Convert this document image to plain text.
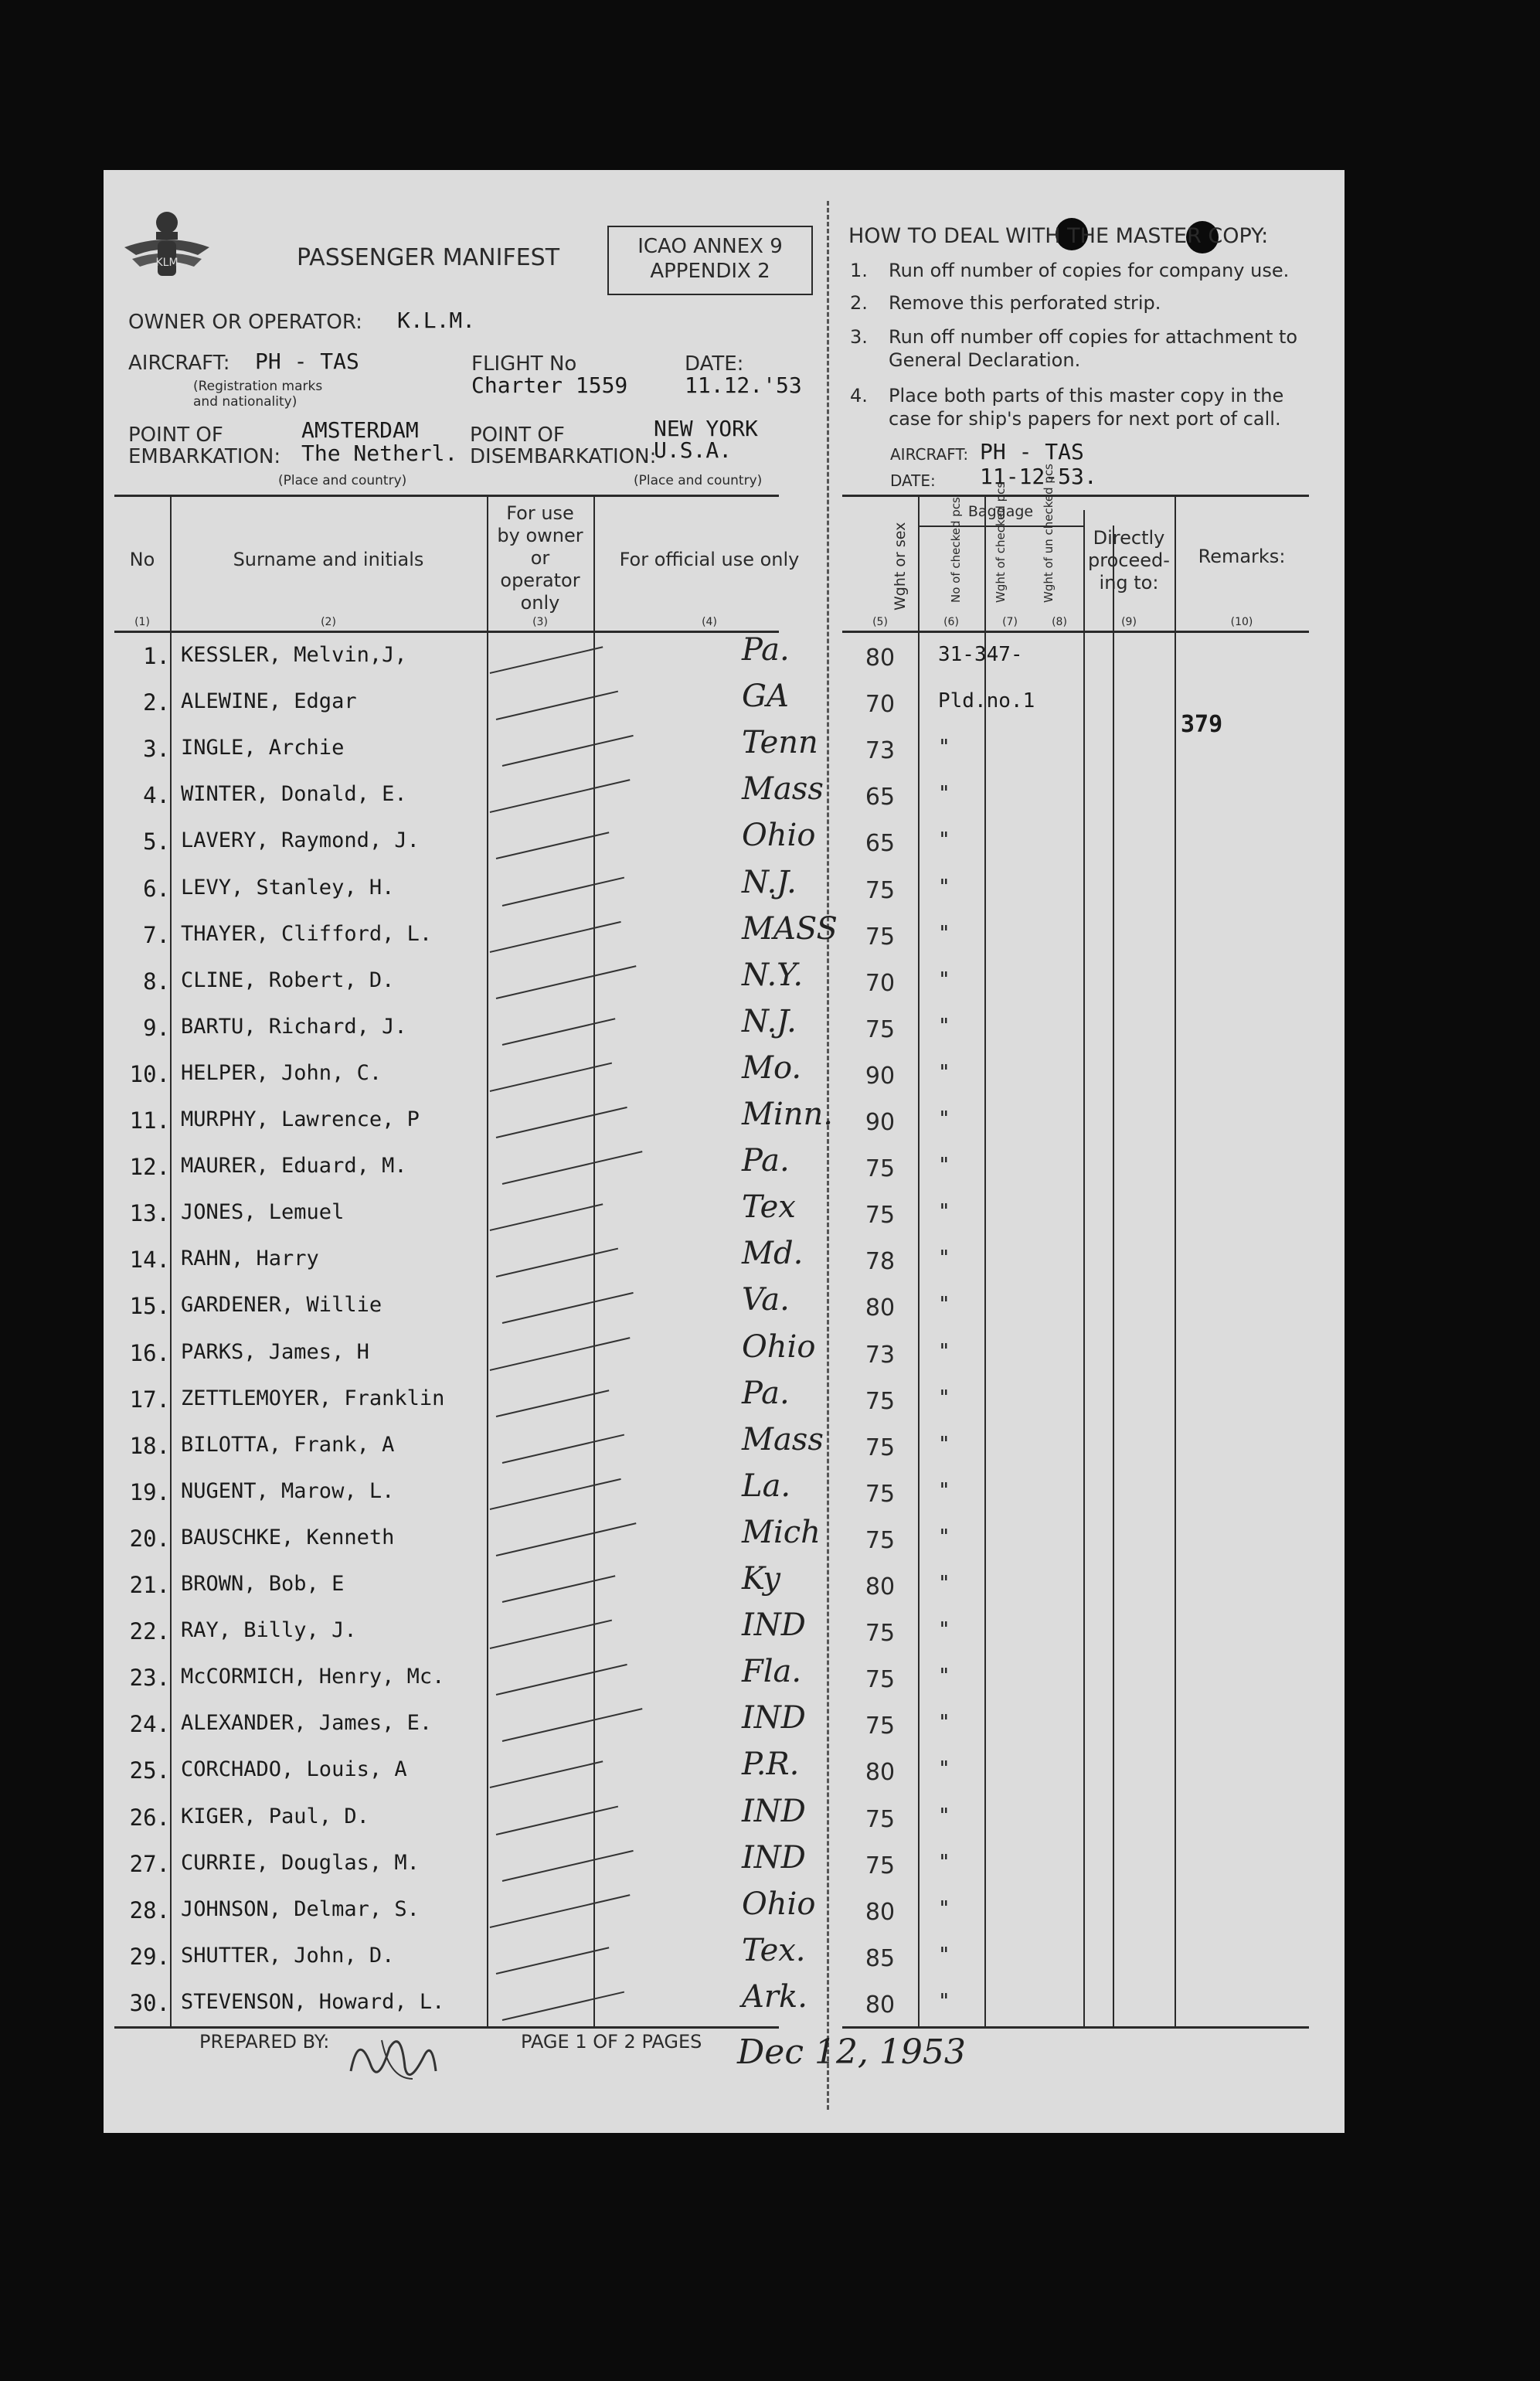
KLM	PASSENGER MANIFEST	ICAO ANNEX 9
APPENDIX 2
OWNER OR OPERATOR: K.L.M.
AIRCRAFT: PH - TAS
(Registration marks
and nationality)
FLIGHT No
Charter 1559
DATE:
11.12.'53
POINT OF
EMBARKATION:
AMSTERDAM
The Netherl.
(Place and country)
POINT OF
DISEMBARKATION:
NEW YORK
U.S.A.
(Place and country)
HOW TO DEAL WITH THE MASTER COPY:
1. Run off number of copies for company use.
2. Remove this perforated strip.
3. Run off number off copies for attachment to
General Declaration.
4. Place both parts of this master copy in the
case for ship's papers for next port of call.
AIRCRAFT: PH - TAS
DATE: 11-12-53.
No	Surname and initials
For use
by owner
or
operator
only
For official use only	Wght or sex
Baggage
No of checked pcs	Wght of checked pcs	Wght of un checked pcs	Directly
proceed-
ing to:
Remarks:
(1)	(2)	(3)	(4)	(5)	(6)	(7)	(8)	(9)	(10)
1. KESSLER, Melvin,J,	Pa.	80	31-347-
2. ALEWINE, Edgar	GA	70	Pld.no.1
3. INGLE, Archie	Tenn	73	"
4. WINTER, Donald, E.	Mass	65	"
5. LAVERY, Raymond, J.	Ohio	65	"
6. LEVY, Stanley, H.	N.J.	75	"
7. THAYER, Clifford, L.	MASS	75	"
8. CLINE, Robert, D.	N.Y.	70	"
9. BARTU, Richard, J.	N.J.	75	"
10. HELPER, John, C.	Mo.	90	"
11. MURPHY, Lawrence, P	Minn.	90	"
12. MAURER, Eduard, M.	Pa.	75	"
13. JONES, Lemuel	Tex	75	"
14. RAHN, Harry	Md.	78	"
15. GARDENER, Willie	Va.	80	"
16. PARKS, James, H	Ohio	73	"
17. ZETTLEMOYER, Franklin	Pa.	75	"
18. BILOTTA, Frank, A	Mass	75	"
19. NUGENT, Marow, L.	La.	75	"
20. BAUSCHKE, Kenneth	Mich	75	"
21. BROWN, Bob, E	Ky	80	"
22. RAY, Billy, J.	IND	75	"
23. McCORMICH, Henry, Mc.	Fla.	75	"
24. ALEXANDER, James, E.	IND	75	"
25. CORCHADO, Louis, A	P.R.	80	"
26. KIGER, Paul, D.	IND	75	"
27. CURRIE, Douglas, M.	IND	75	"
28. JOHNSON, Delmar, S.	Ohio	80	"
29. SHUTTER, John, D.	Tex.	85	"
30. STEVENSON, Howard, L.	Ark.	80	"
379
PREPARED BY:	PAGE 1 OF 2 PAGES Dec 12, 1953
